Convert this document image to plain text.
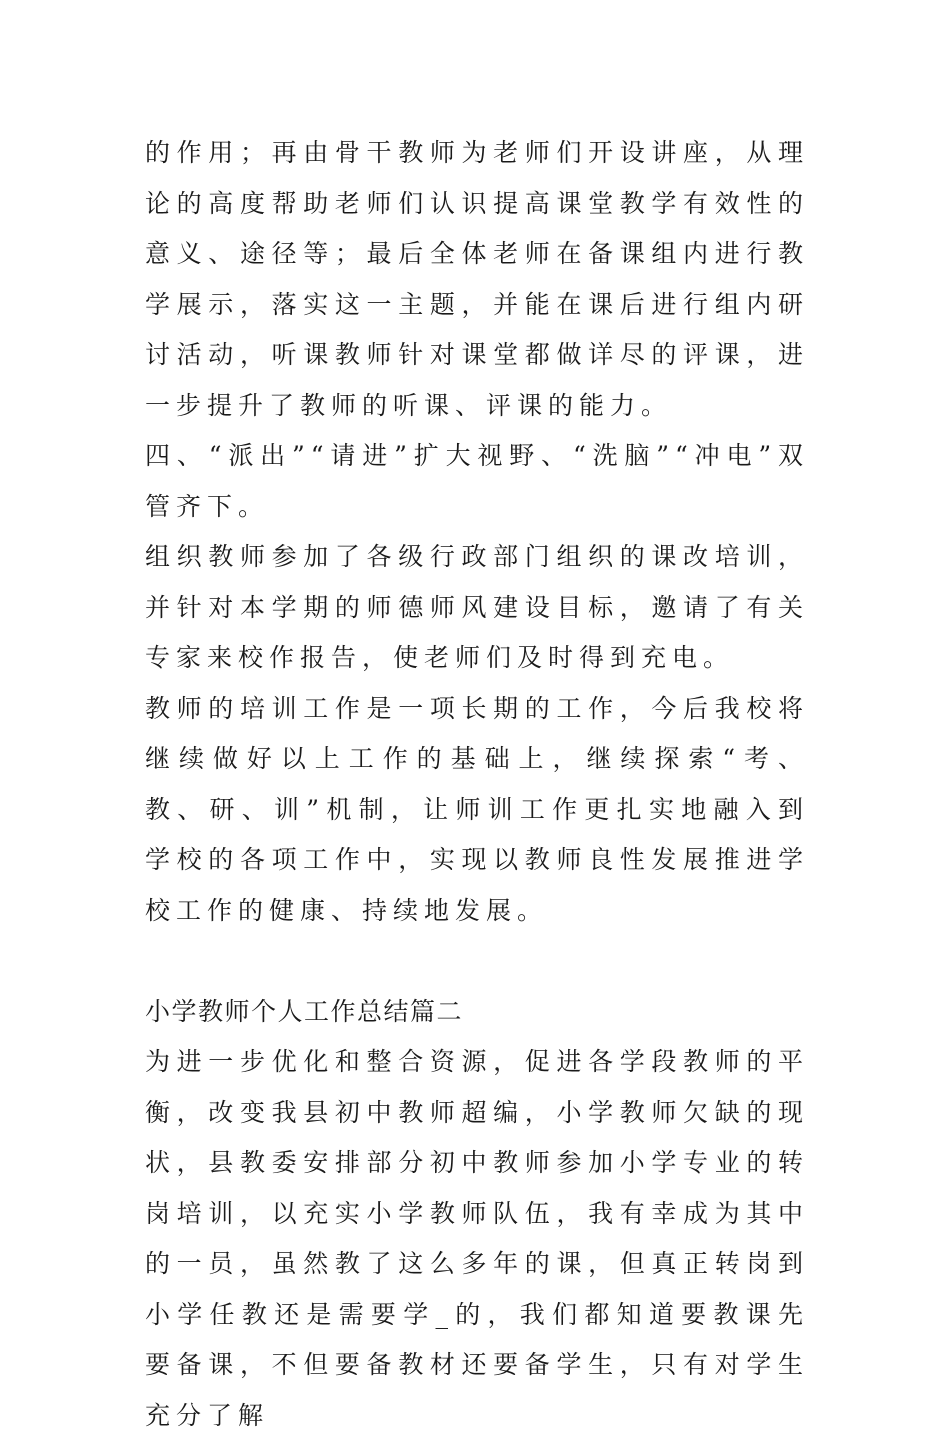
的作用；再由骨干教师为老师们开设讲座，从理论的高度帮助老师们认识提高课堂教学有效性的意义、途径等；最后全体老师在备课组内进行教学展示，落实这一主题，并能在课后进行组内研讨活动，听课教师针对课堂都做详尽的评课，进一步提升了教师的听课、评课的能力。

四、“派出”“请进”扩大视野、“洗脑”“冲电”双管齐下。

组织教师参加了各级行政部门组织的课改培训，并针对本学期的师德师风建设目标，邀请了有关专家来校作报告，使老师们及时得到充电。

教师的培训工作是一项长期的工作，今后我校将继续做好以上工作的基础上，继续探索“考、教、研、训”机制，让师训工作更扎实地融入到学校的各项工作中，实现以教师良性发展推进学校工作的健康、持续地发展。

小学教师个人工作总结篇二

为进一步优化和整合资源，促进各学段教师的平衡，改变我县初中教师超编，小学教师欠缺的现状，县教委安排部分初中教师参加小学专业的转岗培训，以充实小学教师队伍，我有幸成为其中的一员，虽然教了这么多年的课，但真正转岗到小学任教还是需要学_的，我们都知道要教课先要备课，不但要备教材还要备学生，只有对学生充分了解
